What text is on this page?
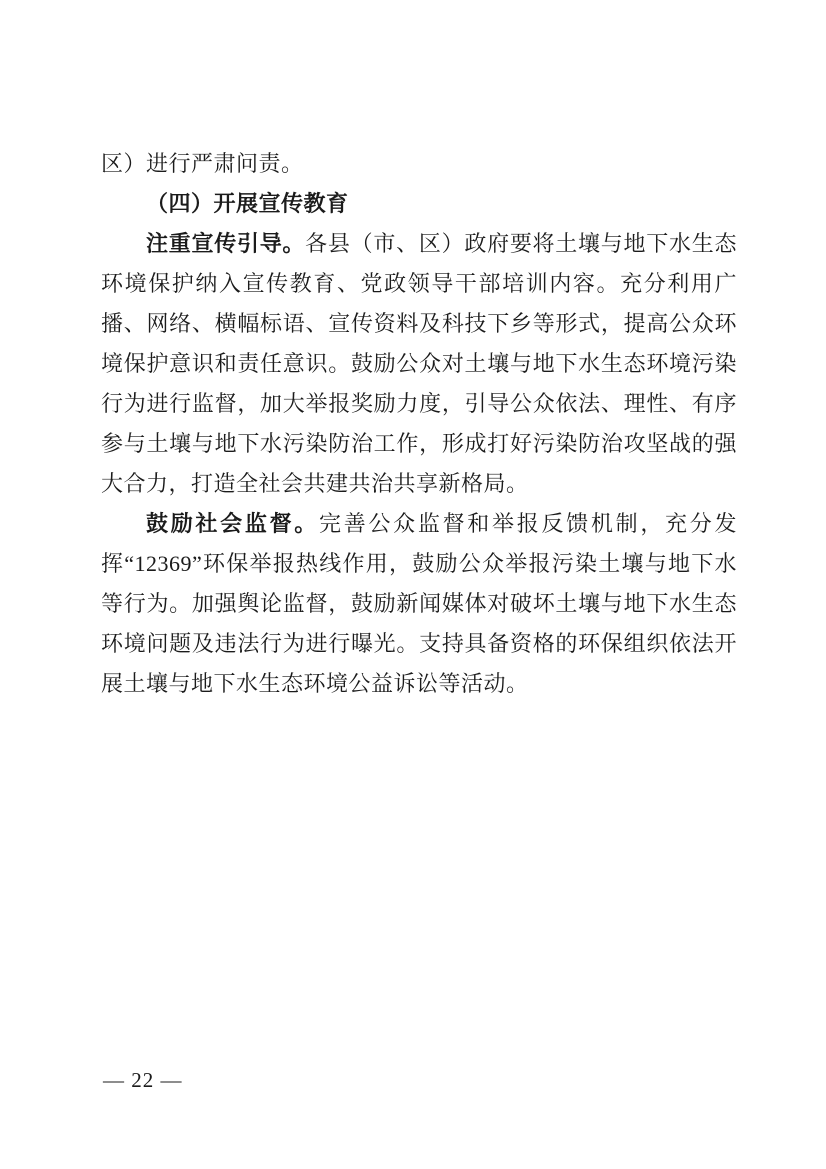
区）进行严肃问责。

（四）开展宣传教育

注重宣传引导。各县（市、区）政府要将土壤与地下水生态环境保护纳入宣传教育、党政领导干部培训内容。充分利用广播、网络、横幅标语、宣传资料及科技下乡等形式，提高公众环境保护意识和责任意识。鼓励公众对土壤与地下水生态环境污染行为进行监督，加大举报奖励力度，引导公众依法、理性、有序参与土壤与地下水污染防治工作，形成打好污染防治攻坚战的强大合力，打造全社会共建共治共享新格局。

鼓励社会监督。完善公众监督和举报反馈机制，充分发挥“12369”环保举报热线作用，鼓励公众举报污染土壤与地下水等行为。加强舆论监督，鼓励新闻媒体对破坏土壤与地下水生态环境问题及违法行为进行曝光。支持具备资格的环保组织依法开展土壤与地下水生态环境公益诉讼等活动。

— 22 —
